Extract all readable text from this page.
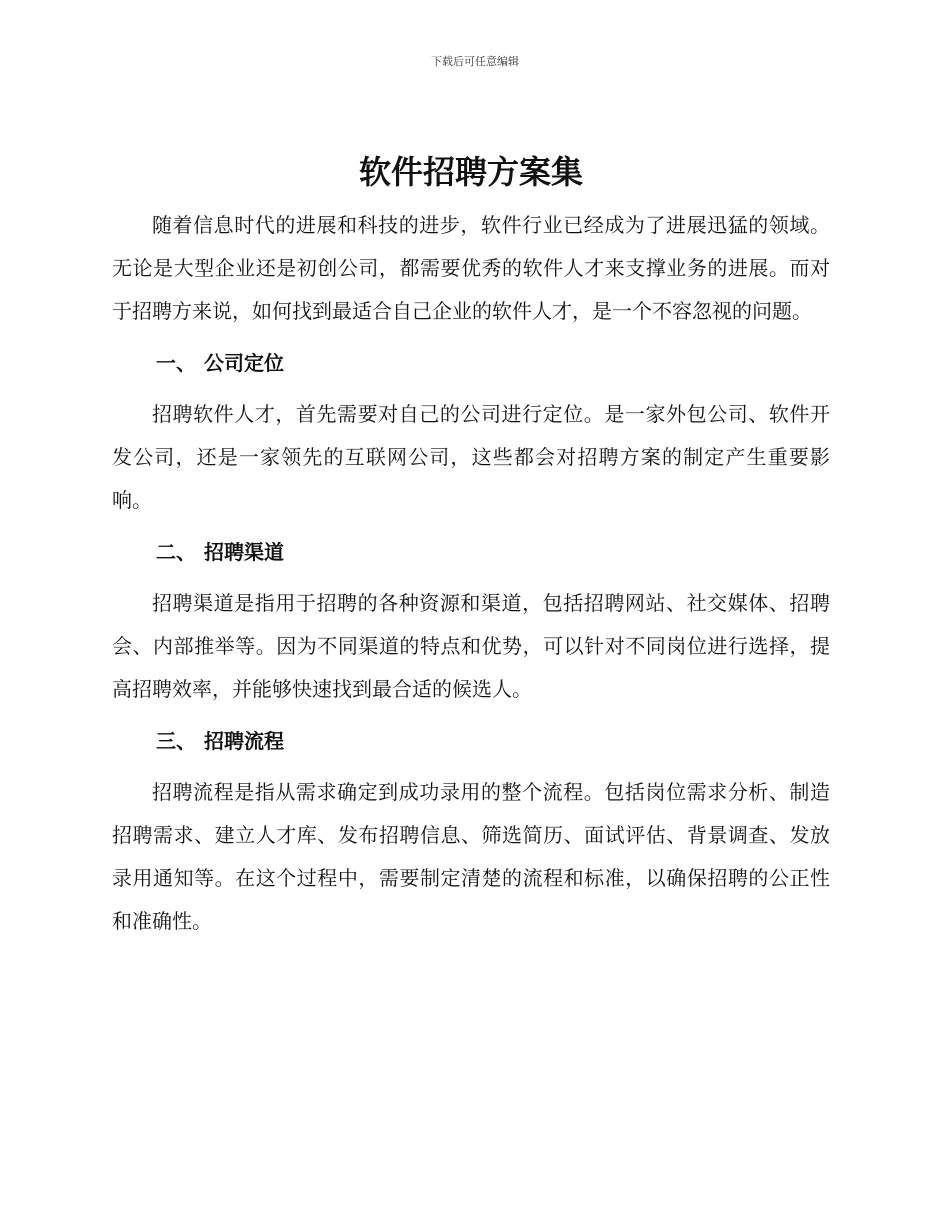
下载后可任意编辑
软件招聘方案集

随着信息时代的进展和科技的进步，软件行业已经成为了进展迅猛的领域。无论是大型企业还是初创公司，都需要优秀的软件人才来支撑业务的进展。而对于招聘方来说，如何找到最适合自己企业的软件人才，是一个不容忽视的问题。

一、 公司定位

招聘软件人才，首先需要对自己的公司进行定位。是一家外包公司、软件开发公司，还是一家领先的互联网公司，这些都会对招聘方案的制定产生重要影响。

二、 招聘渠道

招聘渠道是指用于招聘的各种资源和渠道，包括招聘网站、社交媒体、招聘会、内部推举等。因为不同渠道的特点和优势，可以针对不同岗位进行选择，提高招聘效率，并能够快速找到最合适的候选人。

三、 招聘流程

招聘流程是指从需求确定到成功录用的整个流程。包括岗位需求分析、制造招聘需求、建立人才库、发布招聘信息、筛选简历、面试评估、背景调查、发放录用通知等。在这个过程中，需要制定清楚的流程和标准，以确保招聘的公正性和准确性。
